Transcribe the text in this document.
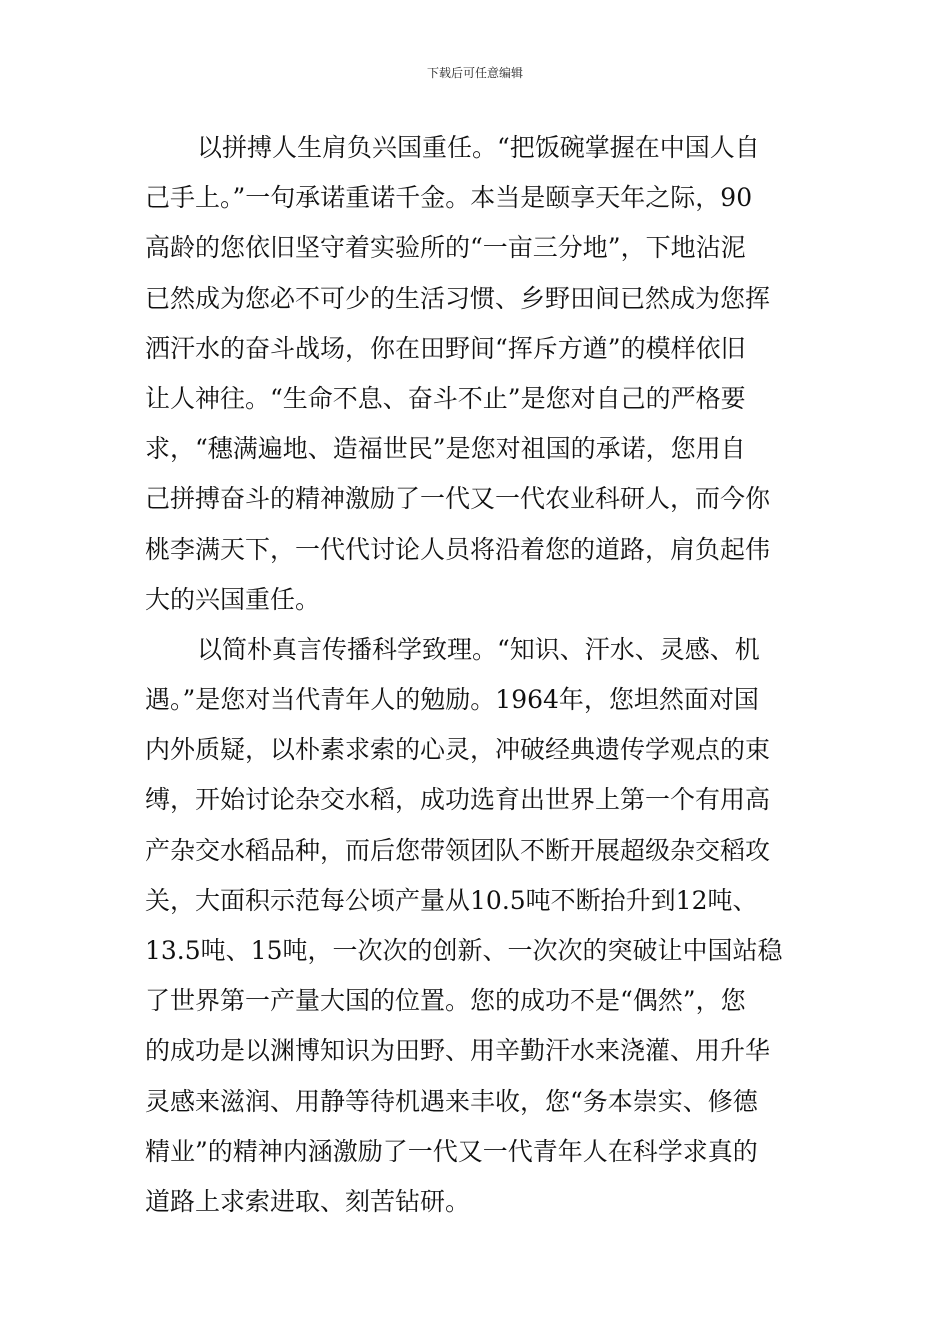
下载后可任意编辑
以拼搏人生肩负兴国重任。“把饭碗掌握在中国人自
己手上。”一句承诺重诺千金。本当是颐享天年之际，90
高龄的您依旧坚守着实验所的“一亩三分地”，下地沾泥
已然成为您必不可少的生活习惯、乡野田间已然成为您挥
洒汗水的奋斗战场，你在田野间“挥斥方遒”的模样依旧
让人神往。“生命不息、奋斗不止”是您对自己的严格要
求，“穗满遍地、造福世民”是您对祖国的承诺，您用自
己拼搏奋斗的精神激励了一代又一代农业科研人，而今你
桃李满天下，一代代讨论人员将沿着您的道路，肩负起伟
大的兴国重任。
以简朴真言传播科学致理。“知识、汗水、灵感、机
遇。”是您对当代青年人的勉励。1964年，您坦然面对国
内外质疑，以朴素求索的心灵，冲破经典遗传学观点的束
缚，开始讨论杂交水稻，成功选育出世界上第一个有用高
产杂交水稻品种，而后您带领团队不断开展超级杂交稻攻
关，大面积示范每公顷产量从10.5吨不断抬升到12吨、
13.5吨、15吨，一次次的创新、一次次的突破让中国站稳
了世界第一产量大国的位置。您的成功不是“偶然”，您
的成功是以渊博知识为田野、用辛勤汗水来浇灌、用升华
灵感来滋润、用静等待机遇来丰收，您“务本崇实、修德
精业”的精神内涵激励了一代又一代青年人在科学求真的
道路上求索进取、刻苦钻研。
